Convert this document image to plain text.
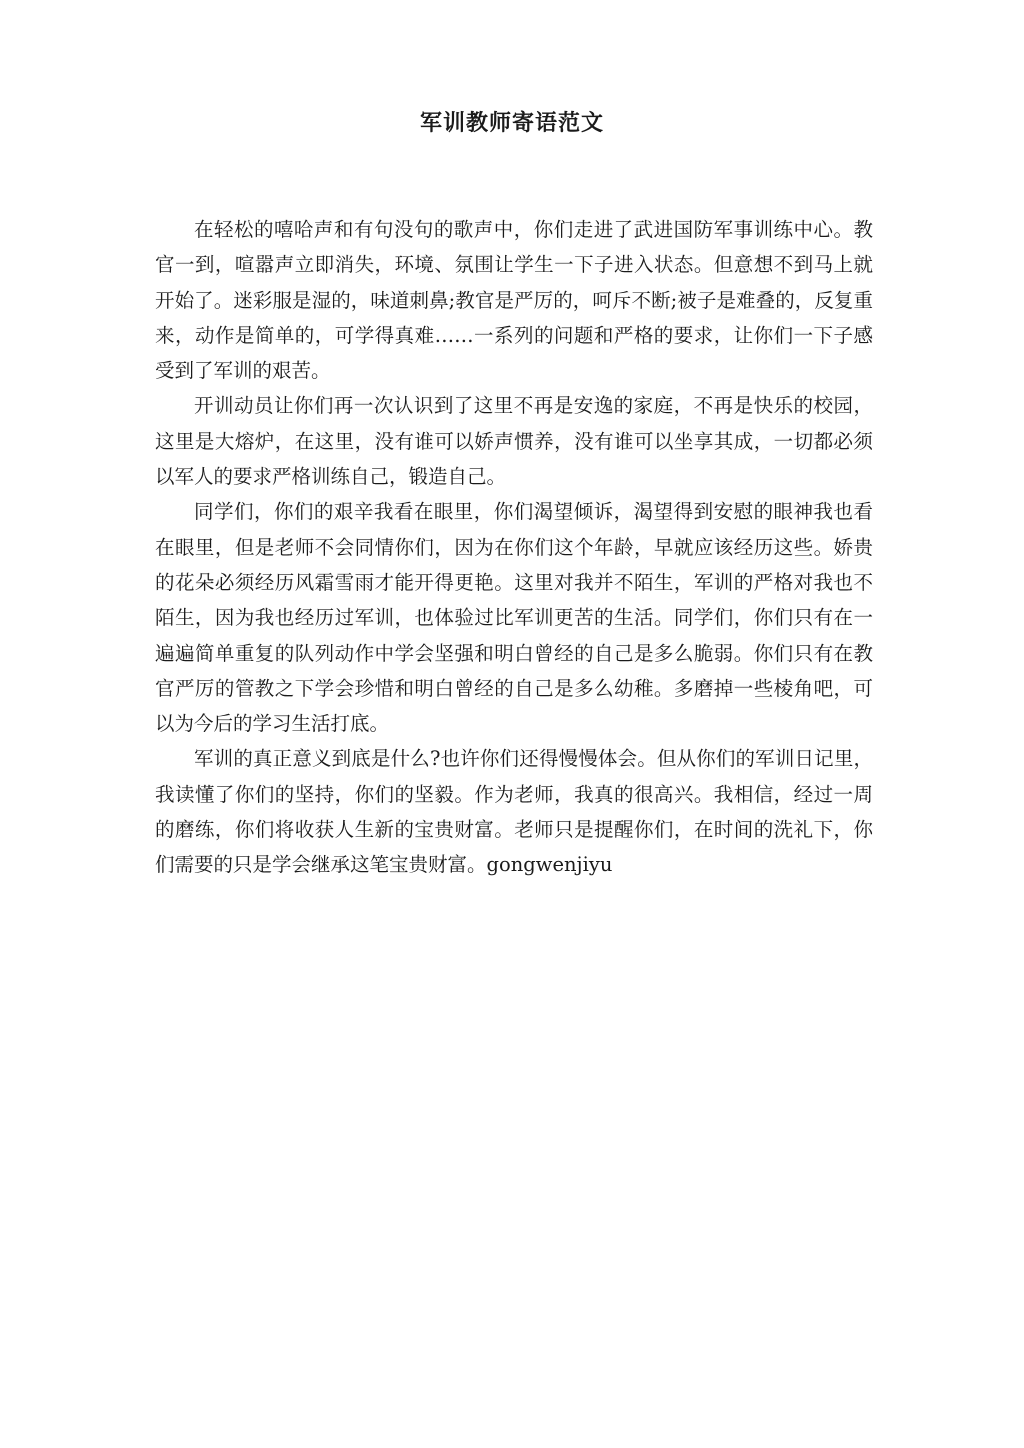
军训教师寄语范文

在轻松的嘻哈声和有句没句的歌声中，你们走进了武进国防军事训练中心。教官一到，喧嚣声立即消失，环境、氛围让学生一下子进入状态。但意想不到马上就开始了。迷彩服是湿的，味道刺鼻;教官是严厉的，呵斥不断;被子是难叠的，反复重来，动作是简单的，可学得真难……一系列的问题和严格的要求，让你们一下子感受到了军训的艰苦。

开训动员让你们再一次认识到了这里不再是安逸的家庭，不再是快乐的校园，这里是大熔炉，在这里，没有谁可以娇声惯养，没有谁可以坐享其成，一切都必须以军人的要求严格训练自己，锻造自己。

同学们，你们的艰辛我看在眼里，你们渴望倾诉，渴望得到安慰的眼神我也看在眼里，但是老师不会同情你们，因为在你们这个年龄，早就应该经历这些。娇贵的花朵必须经历风霜雪雨才能开得更艳。这里对我并不陌生，军训的严格对我也不陌生，因为我也经历过军训，也体验过比军训更苦的生活。同学们，你们只有在一遍遍简单重复的队列动作中学会坚强和明白曾经的自己是多么脆弱。你们只有在教官严厉的管教之下学会珍惜和明白曾经的自己是多么幼稚。多磨掉一些棱角吧，可以为今后的学习生活打底。

军训的真正意义到底是什么?也许你们还得慢慢体会。但从你们的军训日记里，我读懂了你们的坚持，你们的坚毅。作为老师，我真的很高兴。我相信，经过一周的磨练，你们将收获人生新的宝贵财富。老师只是提醒你们，在时间的洗礼下，你们需要的只是学会继承这笔宝贵财富。gongwenjiyu
